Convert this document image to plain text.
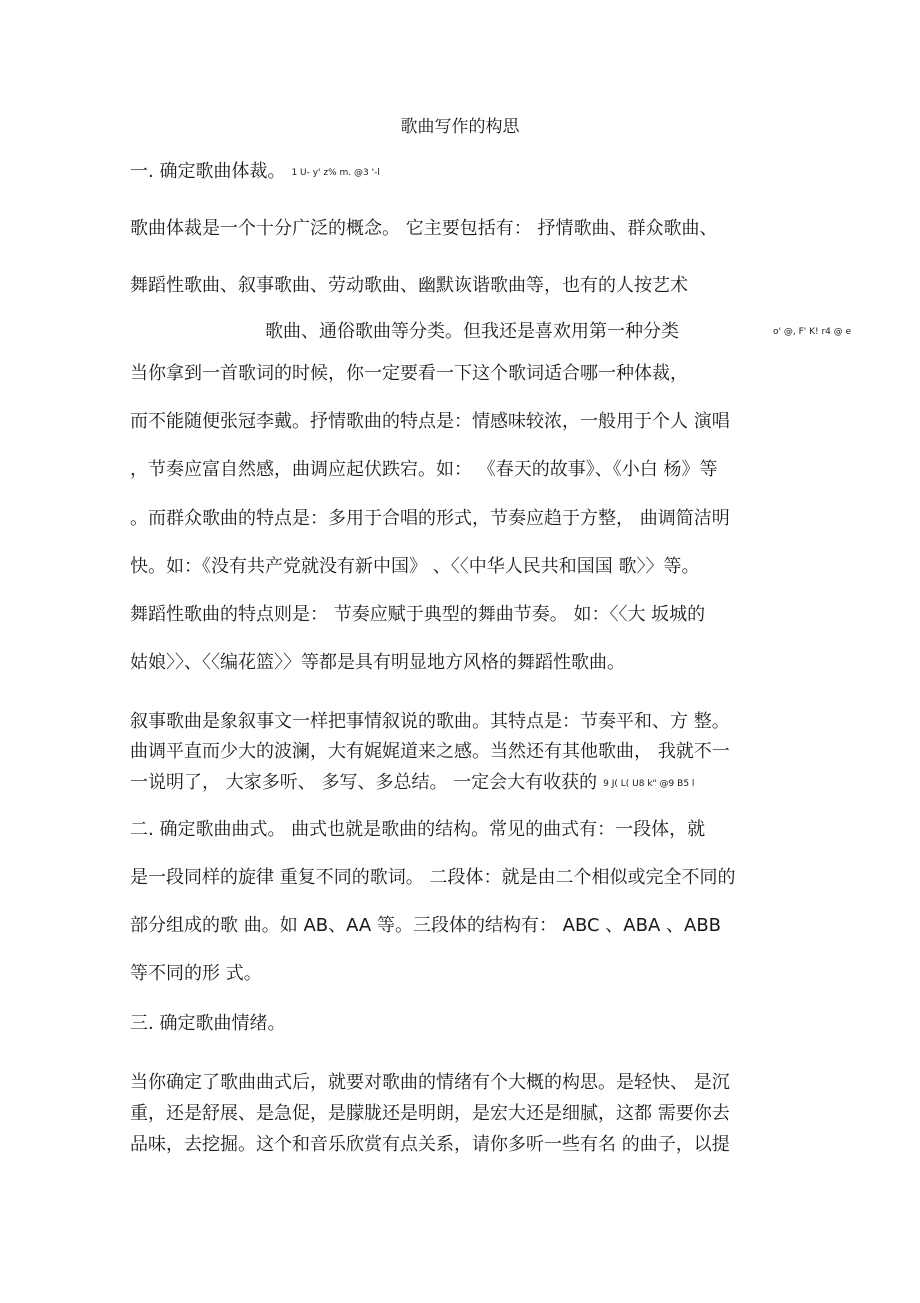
歌曲写作的构思
一. 确定歌曲体裁。 1 U- y' z% m. @3 '-l
歌曲体裁是一个十分广泛的概念。 它主要包括有： 抒情歌曲、群众歌曲、
舞蹈性歌曲、叙事歌曲、劳动歌曲、幽默诙谐歌曲等，也有的人按艺术
歌曲、通俗歌曲等分类。但我还是喜欢用第一种分类	o' @, F' K! r4 @ e
当你拿到一首歌词的时候，你一定要看一下这个歌词适合哪一种体裁，
而不能随便张冠李戴。抒情歌曲的特点是：情感味较浓，一般用于个人 演唱
，节奏应富自然感，曲调应起伏跌宕。如： 《春天的故事》、《小白 杨》等
。而群众歌曲的特点是：多用于合唱的形式，节奏应趋于方整， 曲调简洁明
快。如：《没有共产党就没有新中国》 、〈〈中华人民共和国国 歌〉〉等。
舞蹈性歌曲的特点则是： 节奏应赋于典型的舞曲节奏。 如：〈〈大 坂城的
姑娘〉〉、〈〈编花篮〉〉等都是具有明显地方风格的舞蹈性歌曲。
叙事歌曲是象叙事文一样把事情叙说的歌曲。其特点是：节奏平和、方 整。
曲调平直而少大的波澜，大有娓娓道来之感。当然还有其他歌曲， 我就不一
一说明了， 大家多听、 多写、多总结。 一定会大有收获的 9 J( L( U8 k" @9 B5 l
二. 确定歌曲曲式。 曲式也就是歌曲的结构。常见的曲式有：一段体，就
是一段同样的旋律 重复不同的歌词。 二段体：就是由二个相似或完全不同的
部分组成的歌 曲。如 AB、AA 等。三段体的结构有： ABC 、ABA 、ABB
等不同的形 式。
三. 确定歌曲情绪。
当你确定了歌曲曲式后，就要对歌曲的情绪有个大概的构思。是轻快、 是沉
重，还是舒展、是急促，是朦胧还是明朗，是宏大还是细腻，这都 需要你去
品味，去挖掘。这个和音乐欣赏有点关系，请你多听一些有名 的曲子，以提
